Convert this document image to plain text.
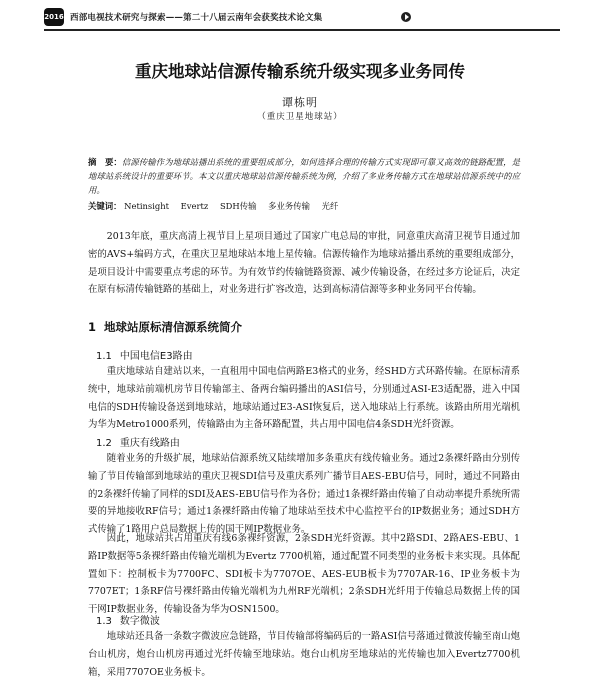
2016 西部电视技术研究与探索——第二十八届云南年会获奖技术论文集
重庆地球站信源传输系统升级实现多业务同传
谭栋明
（重庆卫星地球站）
摘　要：信源传输作为地球站播出系统的重要组成部分，如何选择合理的传输方式实现即可靠又高效的链路配置，是地球站系统设计的重要环节。本文以重庆地球站信源传输系统为例，介绍了多业务传输方式在地球站信源系统中的应用。
关键词： Netinsight Evertz SDH传输 多业务传输 光纤

2013年底，重庆高清上视节目上星项目通过了国家广电总局的审批，同意重庆高清卫视节目通过加密的AVS+编码方式，在重庆卫星地球站本地上星传输。信源传输作为地球站播出系统的重要组成部分，是项目设计中需要重点考虑的环节。为有效节约传输链路资源、减少传输设备，在经过多方论证后，决定在原有标清传输链路的基础上，对业务进行扩容改造，达到高标清信源等多种业务同平台传输。

1 地球站原标清信源系统简介
1.1 中国电信E3路由

重庆地球站自建站以来，一直租用中国电信两路E3格式的业务，经SHD方式环路传输。在原标清系统中，地球站前端机房节目传输部主、备两台编码播出的ASI信号，分别通过ASI-E3适配器，进入中国电信的SDH传输设备送到地球站，地球站通过E3-ASI恢复后，送入地球站上行系统。该路由所用光端机为华为Metro1000系列，传输路由为主备环路配置，共占用中国电信4条SDH光纤资源。

1.2 重庆有线路由

随着业务的升级扩展，地球站信源系统又陆续增加多条重庆有线传输业务。通过2条裸纤路由分别传输了节目传输部到地球站的重庆卫视SDI信号及重庆系列广播节目AES-EBU信号，同时，通过不同路由的2条裸纤传输了同样的SDI及AES-EBU信号作为各份；通过1条裸纤路由传输了自动动率提升系统所需要的异地接收RF信号；通过1条裸纤路由传输了地球站至技术中心监控平台的IP数据业务；通过SDH方式传输了1路用户总局数据上传的国干网IP数据业务。

因此，地球站共占用重庆有线6条裸纤资源，2条SDH光纤资源。其中2路SDI、2路AES-EBU、1路IP数据等5条裸纤路由传输光端机为Evertz 7700机箱，通过配置不同类型的业务板卡来实现。具体配置如下：控制板卡为7700FC、SDI板卡为7707OE、AES-EUB板卡为7707AR-16、IP业务板卡为7707ET；1条RF信号裸纤路由传输光端机为九州RF光端机；2条SDH光纤用于传输总局数据上传的国干网IP数据业务，传输设备为华为OSN1500。

1.3 数字微波

地球站还具备一条数字微波应急链路，节目传输部将编码后的一路ASI信号落通过微波传输至南山炮台山机房，炮台山机房再通过光纤传输至地球站。炮台山机房至地球站的光传输也加入Evertz7700机箱，采用7707OE业务板卡。
